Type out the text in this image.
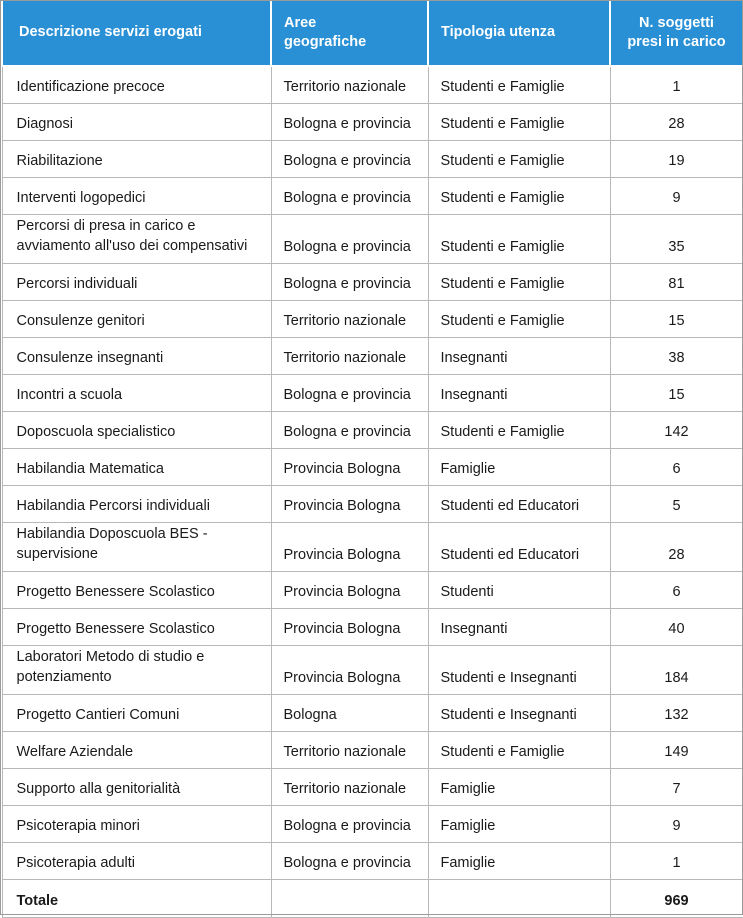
Descrizione servizi erogati	Aree
geografiche	Tipologia utenza	N. soggetti
presi in carico
Identificazione precoce	Territorio nazionale	Studenti e Famiglie	1
Diagnosi	Bologna e provincia	Studenti e Famiglie	28
Riabilitazione	Bologna e provincia	Studenti e Famiglie	19
Interventi logopedici	Bologna e provincia	Studenti e Famiglie	9
Percorsi di presa in carico e avviamento all'uso dei compensativi	Bologna e provincia	Studenti e Famiglie	35
Percorsi individuali	Bologna e provincia	Studenti e Famiglie	81
Consulenze genitori	Territorio nazionale	Studenti e Famiglie	15
Consulenze insegnanti	Territorio nazionale	Insegnanti	38
Incontri a scuola	Bologna e provincia	Insegnanti	15
Doposcuola specialistico	Bologna e provincia	Studenti e Famiglie	142
Habilandia Matematica	Provincia Bologna	Famiglie	6
Habilandia Percorsi individuali	Provincia Bologna	Studenti ed Educatori	5
Habilandia Doposcuola BES - supervisione	Provincia Bologna	Studenti ed Educatori	28
Progetto Benessere Scolastico	Provincia Bologna	Studenti	6
Progetto Benessere Scolastico	Provincia Bologna	Insegnanti	40
Laboratori Metodo di studio e potenziamento	Provincia Bologna	Studenti e Insegnanti	184
Progetto Cantieri Comuni	Bologna	Studenti e Insegnanti	132
Welfare Aziendale	Territorio nazionale	Studenti e Famiglie	149
Supporto alla genitorialità	Territorio nazionale	Famiglie	7
Psicoterapia minori	Bologna e provincia	Famiglie	9
Psicoterapia adulti	Bologna e provincia	Famiglie	1
Totale			969
